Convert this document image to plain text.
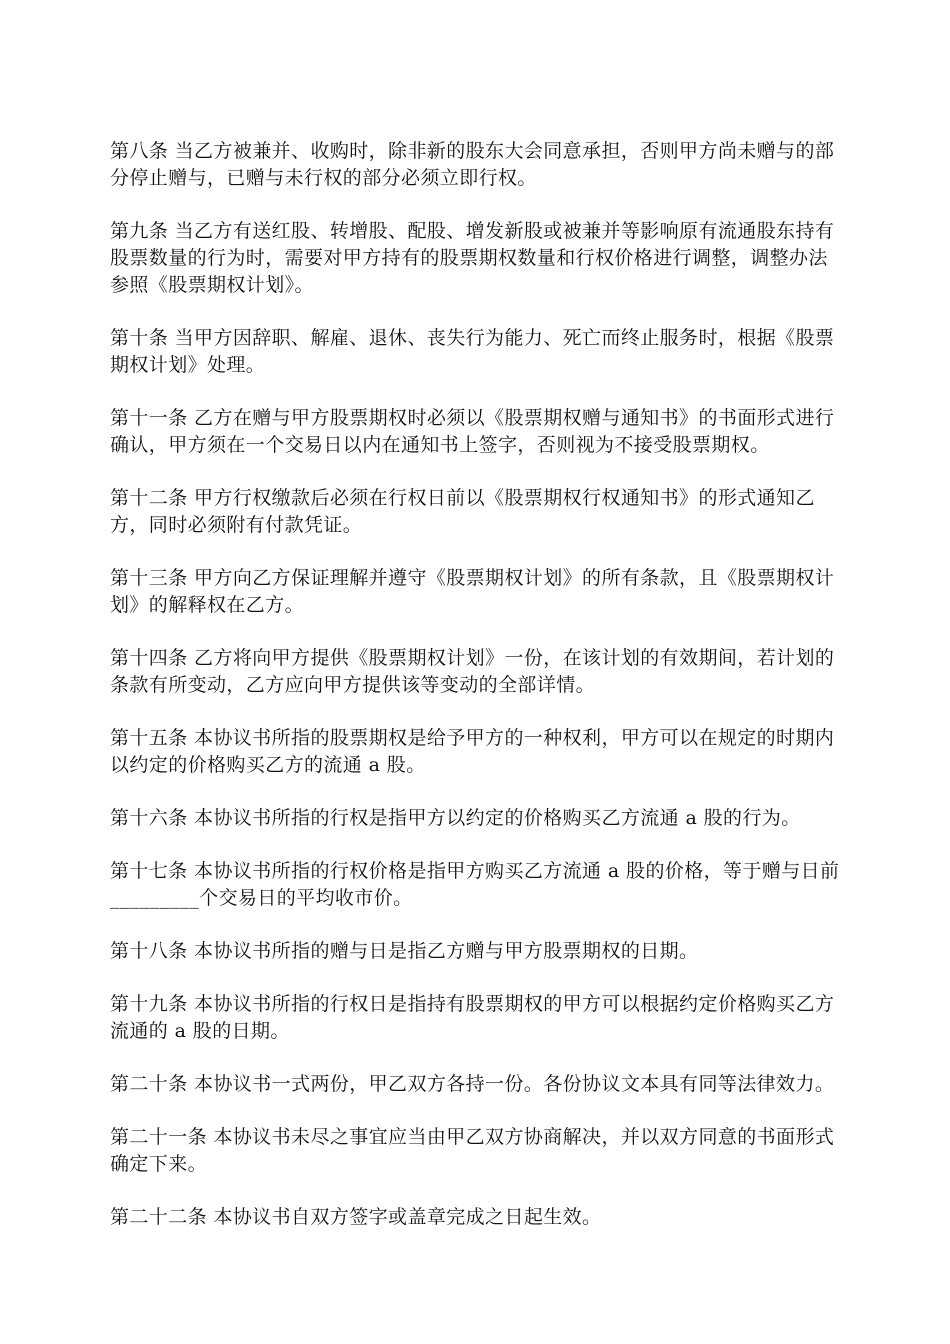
第八条 当乙方被兼并、收购时，除非新的股东大会同意承担，否则甲方尚未赠与的部分停止赠与，已赠与未行权的部分必须立即行权。

第九条 当乙方有送红股、转增股、配股、增发新股或被兼并等影响原有流通股东持有股票数量的行为时，需要对甲方持有的股票期权数量和行权价格进行调整，调整办法参照《股票期权计划》。

第十条 当甲方因辞职、解雇、退休、丧失行为能力、死亡而终止服务时，根据《股票期权计划》处理。

第十一条 乙方在赠与甲方股票期权时必须以《股票期权赠与通知书》的书面形式进行确认，甲方须在一个交易日以内在通知书上签字，否则视为不接受股票期权。

第十二条 甲方行权缴款后必须在行权日前以《股票期权行权通知书》的形式通知乙方，同时必须附有付款凭证。

第十三条 甲方向乙方保证理解并遵守《股票期权计划》的所有条款，且《股票期权计划》的解释权在乙方。

第十四条 乙方将向甲方提供《股票期权计划》一份，在该计划的有效期间，若计划的条款有所变动，乙方应向甲方提供该等变动的全部详情。

第十五条 本协议书所指的股票期权是给予甲方的一种权利，甲方可以在规定的时期内以约定的价格购买乙方的流通 a 股。

第十六条 本协议书所指的行权是指甲方以约定的价格购买乙方流通 a 股的行为。

第十七条 本协议书所指的行权价格是指甲方购买乙方流通 a 股的价格，等于赠与日前_________个交易日的平均收市价。

第十八条 本协议书所指的赠与日是指乙方赠与甲方股票期权的日期。

第十九条 本协议书所指的行权日是指持有股票期权的甲方可以根据约定价格购买乙方流通的 a 股的日期。

第二十条 本协议书一式两份，甲乙双方各持一份。各份协议文本具有同等法律效力。

第二十一条 本协议书未尽之事宜应当由甲乙双方协商解决，并以双方同意的书面形式确定下来。

第二十二条 本协议书自双方签字或盖章完成之日起生效。
